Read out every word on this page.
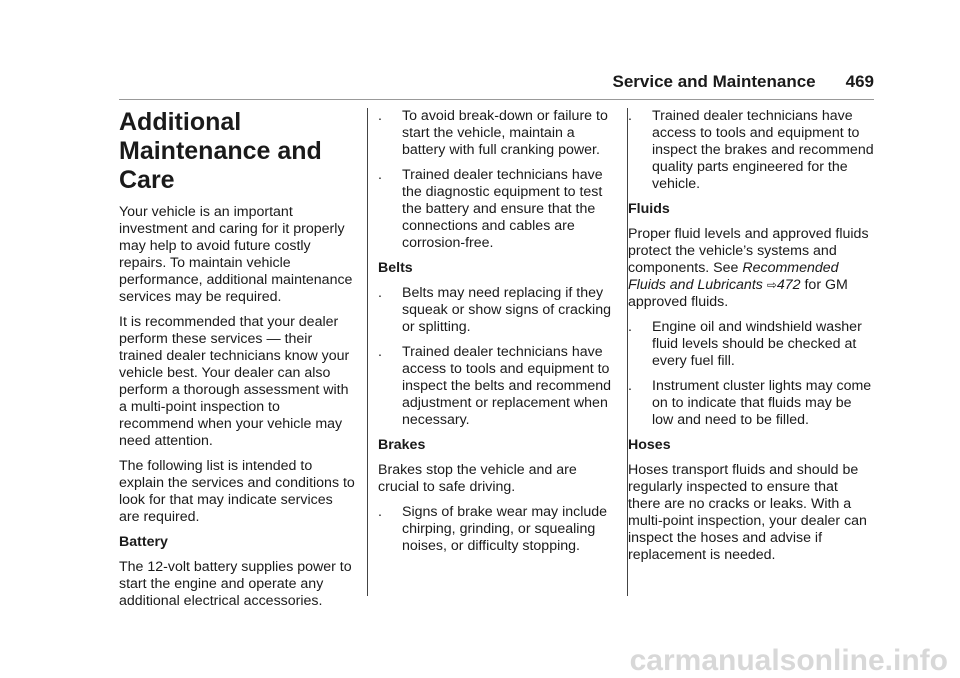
Service and Maintenance 469
Additional Maintenance and Care

Your vehicle is an important investment and caring for it properly may help to avoid future costly repairs. To maintain vehicle performance, additional maintenance services may be required.

It is recommended that your dealer perform these services — their trained dealer technicians know your vehicle best. Your dealer can also perform a thorough assessment with a multi-point inspection to recommend when your vehicle may need attention.

The following list is intended to explain the services and conditions to look for that may indicate services are required.

Battery

The 12-volt battery supplies power to start the engine and operate any additional electrical accessories.

.	To avoid break-down or failure to start the vehicle, maintain a battery with full cranking power.
.	Trained dealer technicians have the diagnostic equipment to test the battery and ensure that the connections and cables are corrosion-free.
Belts
.	Belts may need replacing if they squeak or show signs of cracking or splitting.
.	Trained dealer technicians have access to tools and equipment to inspect the belts and recommend adjustment or replacement when necessary.
Brakes

Brakes stop the vehicle and are crucial to safe driving.

.	Signs of brake wear may include chirping, grinding, or squealing noises, or difficulty stopping.
.	Trained dealer technicians have access to tools and equipment to inspect the brakes and recommend quality parts engineered for the vehicle.
Fluids

Proper fluid levels and approved fluids protect the vehicle’s systems and components. See Recommended Fluids and Lubricants ⇨472 for GM approved fluids.

.	Engine oil and windshield washer fluid levels should be checked at every fuel fill.
.	Instrument cluster lights may come on to indicate that fluids may be low and need to be filled.
Hoses

Hoses transport fluids and should be regularly inspected to ensure that there are no cracks or leaks. With a multi-point inspection, your dealer can inspect the hoses and advise if replacement is needed.

carmanualsonline.info
